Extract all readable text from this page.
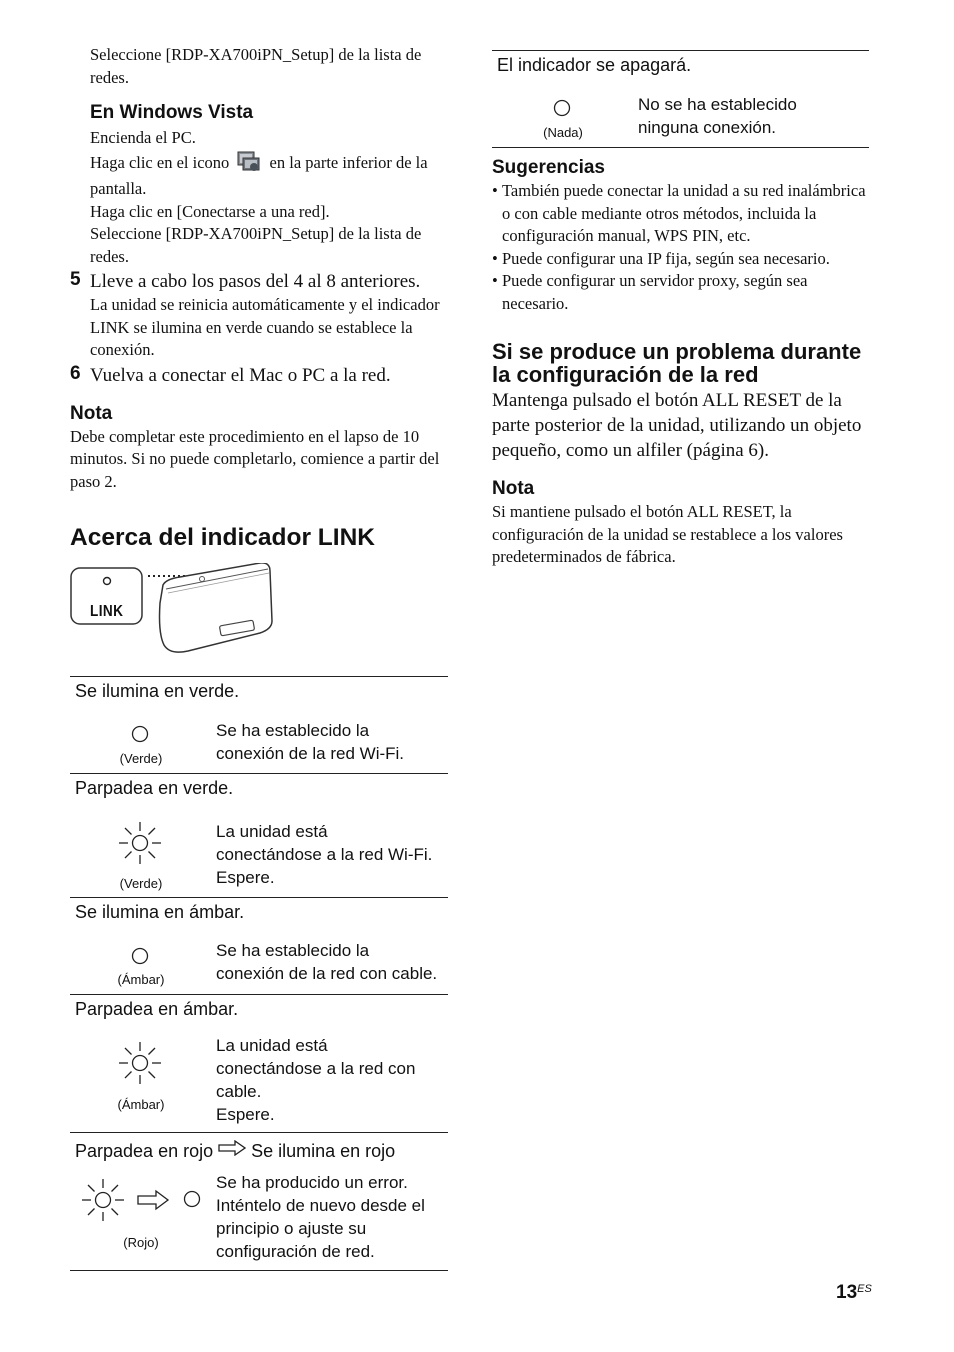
Seleccione [RDP-XA700iPN_Setup] de la lista de redes.

En Windows Vista

Encienda el PC.

Haga clic en el icono en la parte inferior de la pantalla.

Haga clic en [Conectarse a una red].

Seleccione [RDP-XA700iPN_Setup] de la lista de redes.

5 Lleve a cabo los pasos del 4 al 8 anteriores.

La unidad se reinicia automáticamente y el indicador LINK se ilumina en verde cuando se establece la conexión.

6 Vuelva a conectar el Mac o PC a la red.

Nota

Debe completar este procedimiento en el lapso de 10 minutos. Si no puede completarlo, comience a partir del paso 2.

Acerca del indicador LINK
LINK
Se ilumina en verde.
(Verde)
Se ha establecido la
conexión de la red Wi-Fi.
Parpadea en verde.
(Verde)
La unidad está
conectándose a la red Wi-Fi.
Espere.
Se ilumina en ámbar.
(Ámbar)
Se ha establecido la
conexión de la red con cable.
Parpadea en ámbar.
(Ámbar)
La unidad está
conectándose a la red con
cable.
Espere.
Parpadea en rojo Se ilumina en rojo
(Rojo)
Se ha producido un error.
Inténtelo de nuevo desde el
principio o ajuste su
configuración de red.
El indicador se apagará.
(Nada)
No se ha establecido
ninguna conexión.
Sugerencias
• También puede conectar la unidad a su red inalámbrica o con cable mediante otros métodos, incluida la configuración manual, WPS PIN, etc.
• Puede configurar una IP fija, según sea necesario.
• Puede configurar un servidor proxy, según sea necesario.
Si se produce un problema durante la configuración de la red

Mantenga pulsado el botón ALL RESET de la parte posterior de la unidad, utilizando un objeto pequeño, como un alfiler (página 6).

Nota

Si mantiene pulsado el botón ALL RESET, la configuración de la unidad se restablece a los valores predeterminados de fábrica.

$13^{ES}$
